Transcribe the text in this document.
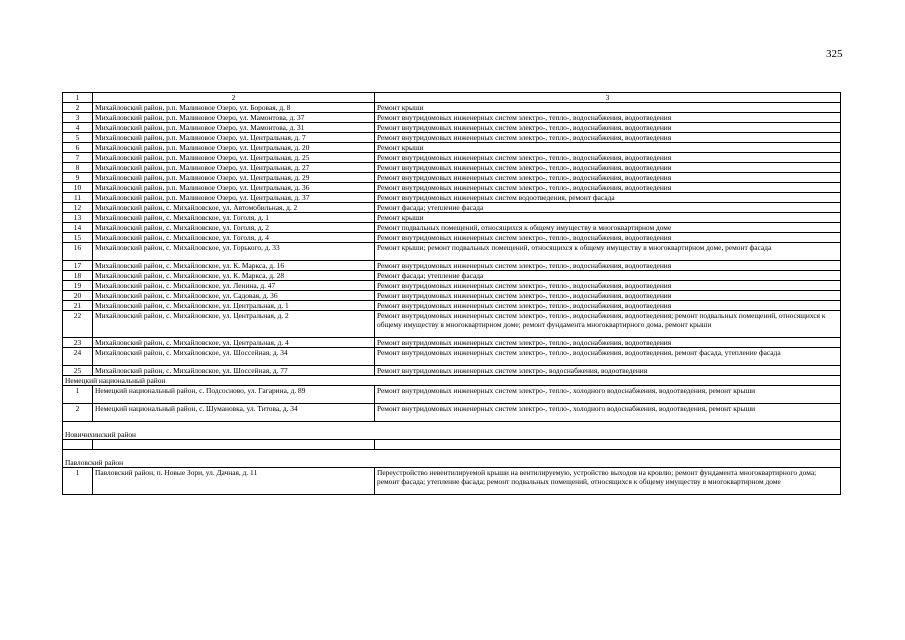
325
1	2	3
2	Михайловский район, р.п. Малиновое Озеро, ул. Боровая, д. 8	Ремонт крыши
3	Михайловский район, р.п. Малиновое Озеро, ул. Мамонтова, д. 37	Ремонт внутридомовых инженерных систем электро-, тепло-, водоснабжения, водоотведения
4	Михайловский район, р.п. Малиновое Озеро, ул. Мамонтова, д. 31	Ремонт внутридомовых инженерных систем электро-, тепло-, водоснабжения, водоотведения
5	Михайловский район, р.п. Малиновое Озеро, ул. Центральная, д. 7	Ремонт внутридомовых инженерных систем электро-, тепло-, водоснабжения, водоотведения
6	Михайловский район, р.п. Малиновое Озеро, ул. Центральная, д. 20	Ремонт крыши
7	Михайловский район, р.п. Малиновое Озеро, ул. Центральная, д. 25	Ремонт внутридомовых инженерных систем электро-, тепло-, водоснабжения, водоотведения
8	Михайловский район, р.п. Малиновое Озеро, ул. Центральная, д. 27	Ремонт внутридомовых инженерных систем электро-, тепло-, водоснабжения, водоотведения
9	Михайловский район, р.п. Малиновое Озеро, ул. Центральная, д. 29	Ремонт внутридомовых инженерных систем электро-, тепло-, водоснабжения, водоотведения
10	Михайловский район, р.п. Малиновое Озеро, ул. Центральная, д. 36	Ремонт внутридомовых инженерных систем электро-, тепло-, водоснабжения, водоотведения
11	Михайловский район, р.п. Малиновое Озеро, ул. Центральная, д. 37	Ремонт внутридомовых инженерных систем водоотведения, ремонт фасада
12	Михайловский район, с. Михайловское, ул. Автомобильная, д. 2	Ремонт фасада; утепление фасада
13	Михайловский район, с. Михайловское, ул. Гоголя, д. 1	Ремонт крыши
14	Михайловский район, с. Михайловское, ул. Гоголя, д. 2	Ремонт подвальных помещений, относящихся к общему имуществу в многоквартирном доме
15	Михайловский район, с. Михайловское, ул. Гоголя, д. 4	Ремонт внутридомовых инженерных систем электро-, тепло-, водоснабжения, водоотведения
16	Михайловский район, с. Михайловское, ул. Горького, д. 33	Ремонт крыши; ремонт подвальных помещений, относящихся к общему имуществу в многоквартирном доме, ремонт фасада
17	Михайловский район, с. Михайловское, ул. К. Маркса, д. 16	Ремонт внутридомовых инженерных систем электро-, тепло-, водоснабжения, водоотведения
18	Михайловский район, с. Михайловское, ул. К. Маркса, д. 28	Ремонт фасада; утепление фасада
19	Михайловский район, с. Михайловское, ул. Ленина, д. 47	Ремонт внутридомовых инженерных систем электро-, тепло-, водоснабжения, водоотведения
20	Михайловский район, с. Михайловское, ул. Садовая, д. 36	Ремонт внутридомовых инженерных систем электро-, тепло-, водоснабжения, водоотведения
21	Михайловский район, с. Михайловское, ул. Центральная, д. 1	Ремонт внутридомовых инженерных систем электро-, тепло-, водоснабжения, водоотведения
22	Михайловский район, с. Михайловское, ул. Центральная, д. 2	Ремонт внутридомовых инженерных систем электро-, тепло-, водоснабжения, водоотведения; ремонт подвальных помещений, относящихся к общему имуществу в многоквартирном доме; ремонт фундамента многоквартирного дома, ремонт крыши
23	Михайловский район, с. Михайловское, ул. Центральная, д. 4	Ремонт внутридомовых инженерных систем электро-, тепло-, водоснабжения, водоотведения
24	Михайловский район, с. Михайловское, ул. Шоссейная, д. 34	Ремонт внутридомовых инженерных систем электро-, тепло-, водоснабжения, водоотведения, ремонт фасада, утепление фасада
25	Михайловский район, с. Михайловское, ул. Шоссейная, д. 77	Ремонт внутридомовых инженерных систем электро-, водоснабжения, водоотведения
Немецкий национальный район		
1	Немецкий национальный район, с. Подсосново, ул. Гагарина, д. 89	Ремонт внутридомовых инженерных систем электро-, тепло-, холодного водоснабжения, водоотведения, ремонт крыши
2	Немецкий национальный район, с. Шумановка, ул. Титова, д. 34	Ремонт внутридомовых инженерных систем электро-, тепло-, холодного водоснабжения, водоотведения, ремонт крыши
Новичихинский район		

Павловский район		
1	Павловский район, п. Новые Зори, ул. Дачная, д. 11	Переустройство невентилируемой крыши на вентилируемую, устройство выходов на кровлю; ремонт фундамента многоквартирного дома; ремонт фасада; утепление фасада; ремонт подвальных помещений, относящихся к общему имуществу в многоквартирном доме
